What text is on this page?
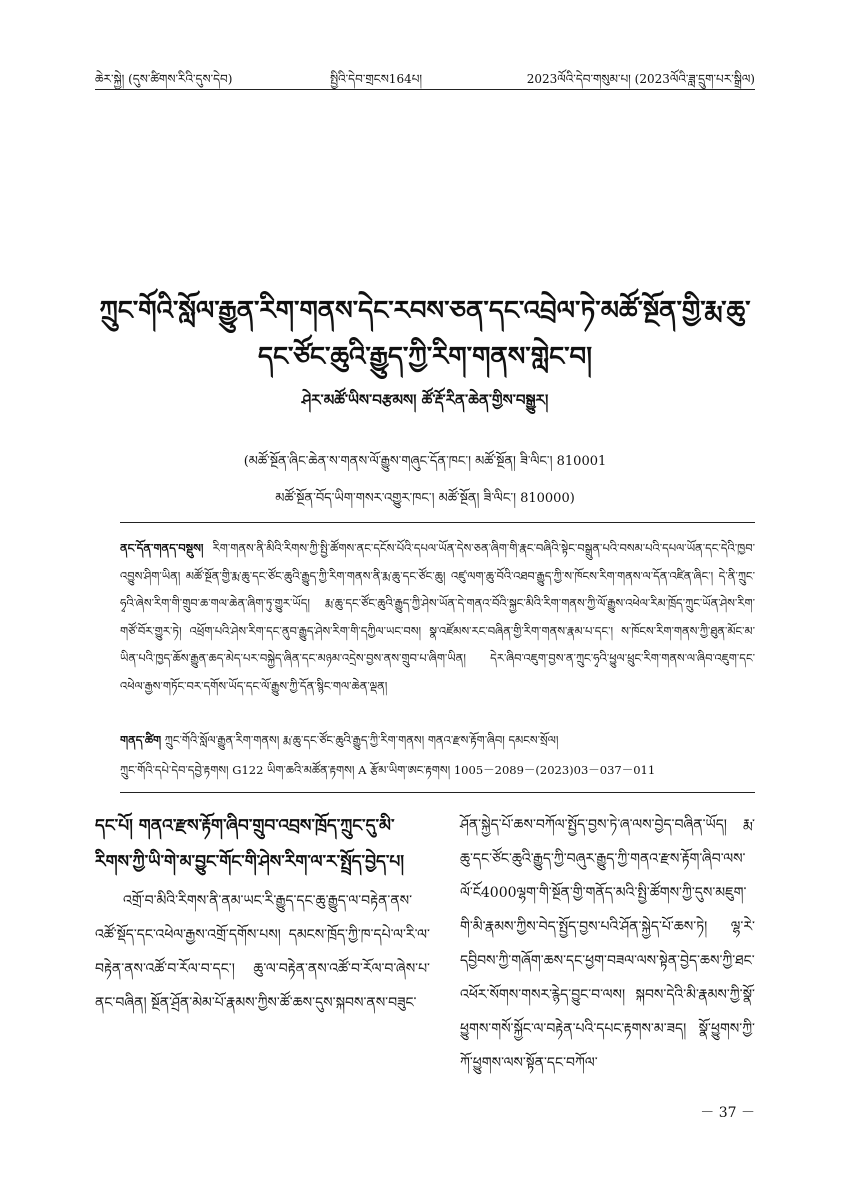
ཆེར་སྐྱེ། (དུས་ཚིགས་རིའི་དུས་དེབ)	སྤྱིའི་དེབ་གྲངས164པ།	2023ལོའི་དེབ་གསུམ་པ། (2023ལོའི་ཟླ་དྲུག་པར་སྒྲིལ)
ཀྲུང་གོའི་སློལ་རྒྱུན་རིག་གནས་དེང་རབས་ཅན་དང་འབྲེལ་ཏེ་མཚོ་སྔོན་གྱི་རྨ་ཆུ་དང་ཙོང་ཆུའི་རྒྱུད་ཀྱི་རིག་གནས་གླེང་བ།
ཤེར་མཚོ་ཡིས་བརྩམས། ཚོ་རྡོ་རིན་ཆེན་གྱིས་བསྒྱུར།
(མཚོ་སྔོན་ཞིང་ཆེན་ས་གནས་ལོ་རྒྱུས་གཞུང་དོན་ཁང་། མཚོ་སྔོན། ཟི་ལིང་། 810001
མཚོ་སྔོན་བོད་ཡིག་གསར་འགྱུར་ཁང་། མཚོ་སྔོན། ཟི་ལིང་། 810000)
ནང་དོན་གནད་བསྡུས། རིག་གནས་ནི་མིའི་རིགས་ཀྱི་སྤྱི་ཚོགས་ནང་དངོས་པོའི་དཔལ་ཡོན་དེས་ཅན་ཞིག་གི་རྣང་བཞིའི་སྟེང་བསྒྲུན་པའི་བསམ་པའི་དཔལ་ཡོན་དང་དེའི་ཁྱབ་འབྱུས་ཤིག་ཡིན། མཚོ་སྔོན་གྱི་རྨ་ཆུ་དང་ཙོང་ཆུའི་རྒྱུད་ཀྱི་རིག་གནས་ནི་རྨ་ཆུ་དང་ཙོང་ཆུ། འཛུ་ལག་ཆུ་བོའི་འཐབ་རྒྱུད་ཀྱི་ས་ཁོངས་རིག་གནས་ལ་དོན་འཛིན་ཞིང་། དེ་ནི་ཀྲུང་ཧྭའི་ཞེས་རིག་གི་གྲུབ་ཆ་གལ་ཆེན་ཞིག་ཏུ་གྱུར་ཡོད། རྨ་ཆུ་དང་ཙོང་ཆུའི་རྒྱུད་ཀྱི་ཤེས་ཡོན་དེ་གནའ་བོའི་སྐྱང་མིའི་རིག་གནས་ཀྱི་ལོ་རྒྱུས་འཕེལ་རིམ་ཁྲོད་ཀྲུང་ཡོན་ཤེས་རིག་གཙོ་བོར་གྱུར་ཏེ། འཕྲོག་པའི་ཤེས་རིག་དང་ནུབ་རྒྱུད་ཤེས་རིག་གི་དཀྱིལ་ཡང་བས། སྣ་འཛོམས་རང་བཞིན་གྱི་རིག་གནས་རྣམ་པ་དང་། ས་ཁོངས་རིག་གནས་ཀྱི་ཐུན་མོང་མ་ཡིན་པའི་ཁྱད་ཆོས་རྒྱུན་ཆད་མེད་པར་བསྐྱེད་ཞིན་དང་མཉམ་འདྲེས་བྱས་ནས་གྲུབ་པ་ཞིག་ཡིན། དེར་ཞིབ་འཇུག་བྱས་ན་ཀྲུང་ཧྭའི་ཕྱུལ་ཕྲུང་རིག་གནས་ལ་ཞིབ་འཇུག་དང་འཕེལ་རྒྱས་གཏོང་བར་དགོས་ཡོད་དང་ལོ་རྒྱུས་ཀྱི་དོན་སྙིང་གལ་ཆེན་ལྡན།
གནད་ཚིག ཀྲུང་གོའི་སློལ་རྒྱུན་རིག་གནས། རྨ་ཆུ་དང་ཙོང་ཆུའི་རྒྱུད་ཀྱི་རིག་གནས། གནའ་རྫས་རྟོག་ཞིབ། དམངས་སྲོལ།
ཀྲུང་གོའི་དཔེ་དེབ་དབྱེ་རྟགས། G122 ཡིག་ཆའི་མཚོན་རྟགས། A རྩོམ་ཡིག་ཨང་རྟགས། 1005－2089－(2023)03－037－011
དང་པོ། གནའ་རྫས་རྟོག་ཞིབ་གྲུབ་འབྲས་ཁྲོད་ཀྲུང་དུ་མི་རིགས་ཀྱི་ཡི་གེ་མ་བྱུང་གོང་གི་ཤེས་རིག་ལ་ར་སྤྲོད་བྱེད་པ།
འགྲོ་བ་མིའི་རིགས་ནི་ནམ་ཡང་རི་རྒྱུད་དང་ཆུ་རྒྱུད་ལ་བརྟེན་ནས་འཚོ་སྡོད་དང་འཕེལ་རྒྱས་འགྲོ་དགོས་པས། དམངས་ཁྲོད་ཀྱི་ཁ་དཔེ་ལ་རི་ལ་བརྟེན་ནས་འཚོ་བ་རོལ་བ་དང་། ཆུ་ལ་བརྟེན་ནས་འཚོ་བ་རོལ་བ་ཞེས་པ་ནང་བཞིན། སྔོན་ཤྲོན་མེམ་པོ་རྣམས་ཀྱིས་ཚོ་ཆས་དུས་སྐབས་ནས་བཟུང་
ཤོན་སྐྱེད་པོ་ཆས་བཀོལ་སྤྱོད་བྱས་ཏེ་ཞ་ལས་བྱེད་བཞིན་ཡོད། རྨ་ཆུ་དང་ཙོང་ཆུའི་རྒྱུད་ཀྱི་བཞུར་རྒྱུད་ཀྱི་གནའ་རྫས་རྟོག་ཞིབ་ལས་ལོ་ངོ4000ལྷག་གི་སྔོན་གྱི་གནོད་མའི་སྤྱི་ཚོགས་ཀྱི་དུས་མཇུག་གི་མི་རྣམས་ཀྱིས་བེད་སྤྱོད་བྱས་པའི་ཤོན་སྐྱེད་པོ་ཆས་ཏེ། ལྷ་རེ་དབྱིབས་ཀྱི་གཞོག་ཆས་དང་ཕྱག་བཟལ་ལས་སྟེན་བྱེད་ཆས་ཀྱི་ཐང་འཕོར་སོགས་གསར་རྙེད་བྱུང་བ་ལས། སྐབས་དེའི་མི་རྣམས་ཀྱི་སྣོ་ཕྱུགས་གསོ་སྐྱོང་ལ་བརྟེན་པའི་དཔང་རྟགས་མ་ཟད། སྣོ་ཕྱུགས་ཀྱི་ཀོ་ཕྱུགས་ལས་སྟོན་དང་བཀོལ་
－ 37 －
